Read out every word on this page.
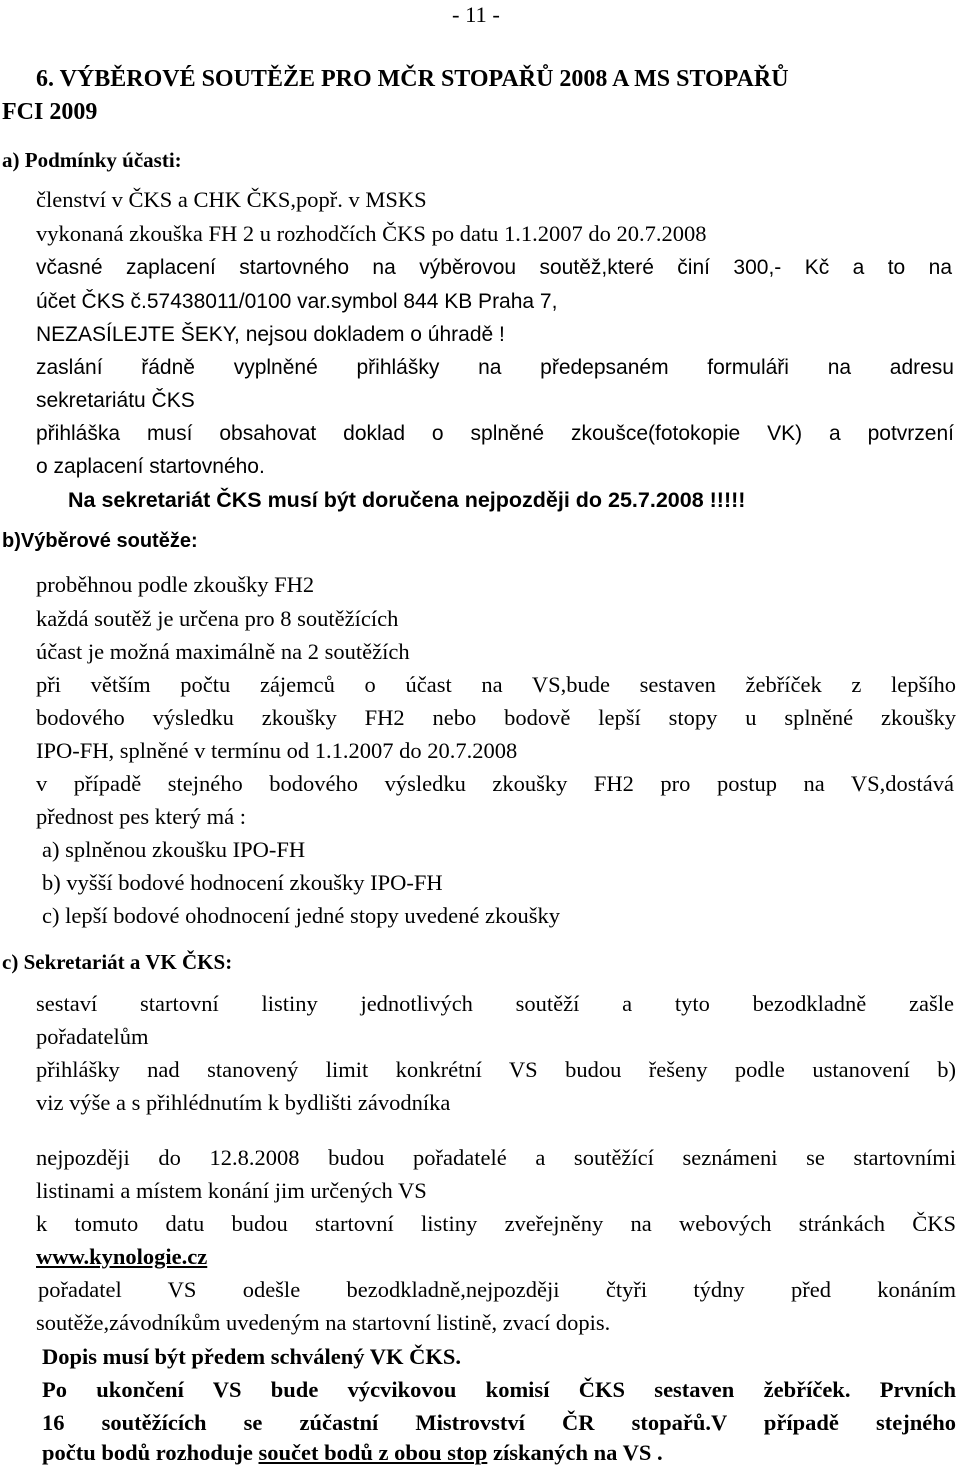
- 11 -
6. VÝBĚROVÉ SOUTĚŽE PRO MČR STOPAŘŮ 2008 A MS STOPAŘŮ
FCI 2009
a) Podmínky účasti:
členství v ČKS a CHK ČKS,popř. v MSKS
vykonaná zkouška FH 2 u rozhodčích ČKS po datu 1.1.2007 do 20.7.2008
včasné zaplacení startovného na výběrovou soutěž,které činí 300,- Kč a to na
účet ČKS č.57438011/0100 var.symbol 844 KB Praha 7,
NEZASÍLEJTE ŠEKY, nejsou dokladem o úhradě !
zaslání řádně vyplněné přihlášky na předepsaném formuláři na adresu
sekretariátu ČKS
přihláška musí obsahovat doklad o splněné zkoušce(fotokopie VK) a potvrzení
o zaplacení startovného.
Na sekretariát ČKS musí být doručena nejpozději do 25.7.2008 !!!!!
b)Výběrové soutěže:
proběhnou podle zkoušky FH2
každá soutěž je určena pro 8 soutěžících
účast je možná maximálně na 2 soutěžích
při větším počtu zájemců o účast na VS,bude sestaven žebříček z lepšího
bodového výsledku zkoušky FH2 nebo bodově lepší stopy u splněné zkoušky
IPO-FH, splněné v termínu od 1.1.2007 do 20.7.2008
v případě stejného bodového výsledku zkoušky FH2 pro postup na VS,dostává
přednost pes který má :
a) splněnou zkoušku IPO-FH
b) vyšší bodové hodnocení zkoušky IPO-FH
c) lepší bodové ohodnocení jedné stopy uvedené zkoušky
c) Sekretariát a VK ČKS:
sestaví startovní listiny jednotlivých soutěží a tyto bezodkladně zašle
pořadatelům
přihlášky nad stanovený limit konkrétní VS budou řešeny podle ustanovení b)
viz výše a s přihlédnutím k bydlišti závodníka
nejpozději do 12.8.2008 budou pořadatelé a soutěžící seznámeni se startovními
listinami a místem konání jim určených VS
k tomuto datu budou startovní listiny zveřejněny na webových stránkách ČKS
www.kynologie.cz
pořadatel VS odešle bezodkladně,nejpozději čtyři týdny před konáním
soutěže,závodníkům uvedeným na startovní listině, zvací dopis.
Dopis musí být předem schválený VK ČKS.
Po ukončení VS bude výcvikovou komisí ČKS sestaven žebříček. Prvních
16 soutěžících se zúčastní Mistrovství ČR stopařů.V případě stejného
počtu bodů rozhoduje součet bodů z obou stop získaných na VS .
